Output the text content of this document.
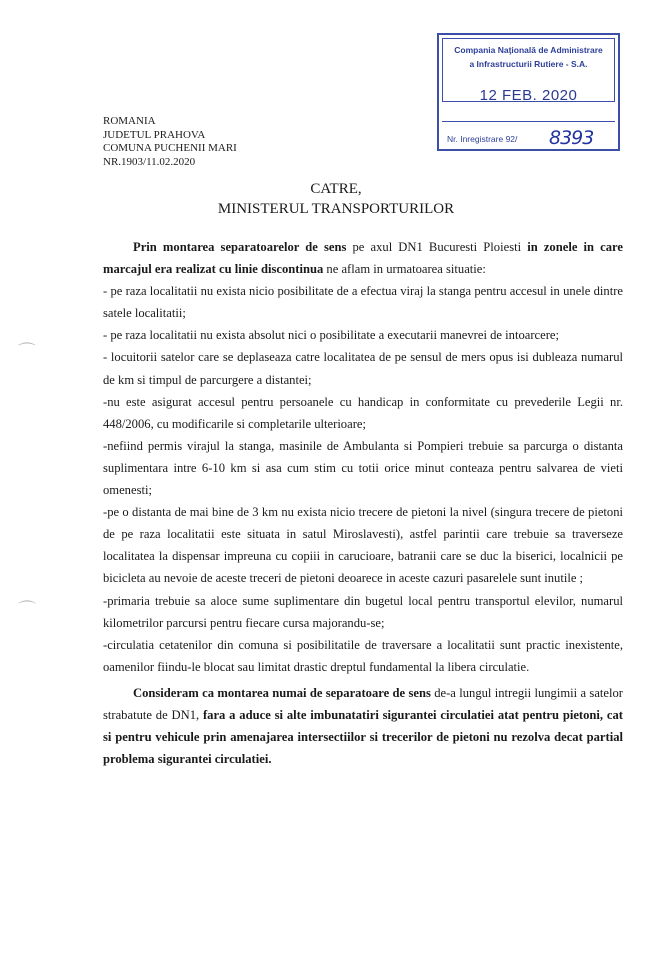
Compania Naţională de Administrare
a Infrastructurii Rutiere - S.A.
12 FEB. 2020
Nr. Inregistrare 92/ 8393
ROMANIA
JUDETUL PRAHOVA
COMUNA PUCHENII MARI
NR.1903/11.02.2020
CATRE,
MINISTERUL TRANSPORTURILOR
⌒
⌒

Prin montarea separatoarelor de sens pe axul DN1 Bucuresti Ploiesti in zonele in care marcajul era realizat cu linie discontinua ne aflam in urmatoarea situatie:

- pe raza localitatii nu exista nicio posibilitate de a efectua viraj la stanga pentru accesul in unele dintre satele localitatii;

- pe raza localitatii nu exista absolut nici o posibilitate a executarii manevrei de intoarcere;

- locuitorii satelor care se deplaseaza catre localitatea de pe sensul de mers opus isi dubleaza numarul de km si timpul de parcurgere a distantei;

-nu este asigurat accesul pentru persoanele cu handicap in conformitate cu prevederile Legii nr. 448/2006, cu modificarile si completarile ulterioare;

-nefiind permis virajul la stanga, masinile de Ambulanta si Pompieri trebuie sa parcurga o distanta suplimentara intre 6-10 km si asa cum stim cu totii orice minut conteaza pentru salvarea de vieti omenesti;

-pe o distanta de mai bine de 3 km nu exista nicio trecere de pietoni la nivel (singura trecere de pietoni de pe raza localitatii este situata in satul Miroslavesti), astfel parintii care trebuie sa traverseze localitatea la dispensar impreuna cu copiii in carucioare, batranii care se duc la biserici, localnicii pe bicicleta au nevoie de aceste treceri de pietoni deoarece in aceste cazuri pasarelele sunt inutile ;

-primaria trebuie sa aloce sume suplimentare din bugetul local pentru transportul elevilor, numarul kilometrilor parcursi pentru fiecare cursa majorandu-se;

-circulatia cetatenilor din comuna si posibilitatile de traversare a localitatii sunt practic inexistente, oamenilor fiindu-le blocat sau limitat drastic dreptul fundamental la libera circulatie.

Consideram ca montarea numai de separatoare de sens de-a lungul intregii lungimii a satelor strabatute de DN1, fara a aduce si alte imbunatatiri sigurantei circulatiei atat pentru pietoni, cat si pentru vehicule prin amenajarea intersectiilor si trecerilor de pietoni nu rezolva decat partial problema sigurantei circulatiei.
